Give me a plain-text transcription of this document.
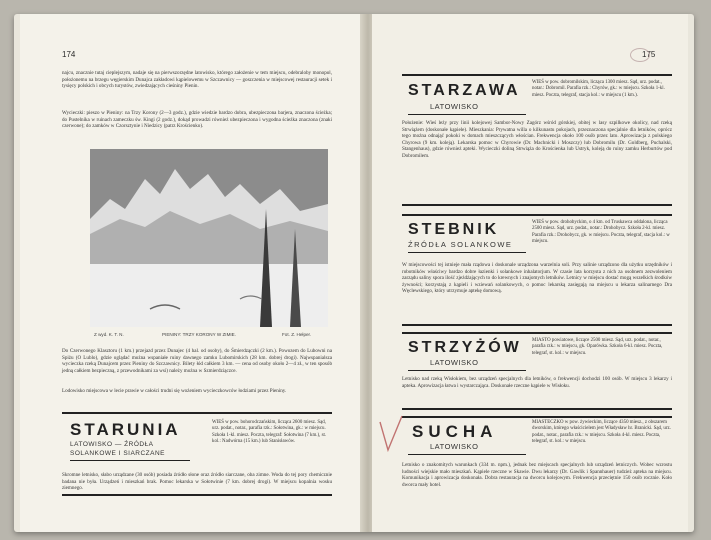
174
najcu, znacznie tutaj cieplejszym, nadaje się na pierwszorzędne latowisko, którego założenie w tem miejscu, odebraloby monopol, położonemu na brzegu węgierskim Dunajca zakładowi kąpielowemu w Szczawnicy — goszczenia w miejscowej restauracji setek i tysięcy polskich i obcych turystów, zwiedzających cieśniny Pienin.
Wycieczki: pieszo w Pieniny: na Trzy Korony (2—3 godz.), gdzie wiedzie bardzo dobra, ubezpieczona barjera, znaczona ścieżka; do Pustelnika w ruinach zameczku św. Kingi (2 godz.), dokąd prowadzi również ubezpieczona i wygodna ścieżka znaczona (znaki czerwone); do zamków w Czorsztynie i Niedzicy (patrz Krościenko).
Z wyd. K. T. N.	PIENINY: TRZY KORONY W ZIMIE.	Fot. Z. Hełper.
Do Czerwonego Klasztoru (1 km.) przejazd przez Dunajec (4 hal. od osoby), do Śmierdzączki (2 km.). Powozem do Lubowni na Spiżu (O Lublo), gdzie oglądać można wspaniałe ruiny dawnego zamku Lubomirskich (28 km. dobrej drogi). Najwspanialsza wycieczka rzeką Dunajcem przez Pieniny do Szczawnicy. Bilety łód całkiem 3 km. — cena od osoby około 2—4 zł., w ten sposób jedną całkiem bezpieczną, z przewodnikami za wsi) należy można w Szmierdziączce.
Lodowisko miejscowa w lecie prawie w całości trudni się wożeniem wycieczkowców łodziami przez Pieniny.
STARUNIA
LATOWISKO — ŹRÓDŁA
SOLANKOWE I SIARCZANE
WIEŚ w pow. bohorodczańskim, licząca 2600 miesz. Sąd, urz. podat., notar., parafia rzk.: Sołotwina, gk.: w miejscu. Szkoła 1-kl. miesz. Poczta, telegraf: Sołotwina (7 km.), st. kol.: Nadwórna (15 km.) lub Stanisławów.
Skromne letnisko, słabo urządzane (30 osób) posiada źródło słone oraz źródło siarczane, oba zimne. Woda do tej pory chemicznie badana nie była. Urządzeń i mieszkań brak. Pomoc lekarska w Sołotwinie (7 km. dobrej drogi). W miejscu kopalnia wosku ziemnego.
175
STARZAWA
LATOWISKO
WIEŚ w pow. dobromilskim, licząca 1300 miesz. Sąd, urz. podat., notar.: Dobromil. Parafia rzk.: Chyrów, gk.: w miejscu. Szkoła 1-kl. miesz. Poczta, telegraf, stacja kol.: w miejscu (1 km.).
Położenie: Wieś leży przy linii kolejowej Sambor-Nowy Zagórz wśród górskiej, obitej w lasy szpilkowe okolicy, nad rzeką Strwiążem (doskonałe kąpiele). Mieszkania: Prywatna willa o kilkunastu pokojach, przeznaczona specjalnie dla letników, oprócz tego można odnająć pokoki w domach mieszczących włościan. Frekwencja około 100 osób przez lato. Aprowizacja z polskiego Chyrowa (9 km. koleją). Lekarska pomoc w Chyrowie (Dr. Machnicki i Moszczy) lub Dobromilu (Dr. Goldberg, Puchalski, Stangenhaus), gdzie również apteki. Wycieczki doliną Strwiąża do Krościenka lub Ustryk, koleją do ruiny zamku Herburtów pod Dobromilem.
STEBNIK
ŹRÓDŁA SOLANKOWE
WIEŚ w pow. drohobyckim, o 4 km. od Truskawca oddalona, licząca 2500 miesz. Sąd, urz. podat., notar.: Drohobycz. Szkoła 2-kl. miesz. Parafia rzk.: Drohobycz, gk. w miejscu. Poczta, telegraf, stacja kol.: w miejscu.
W miejscowości tej istnieje mała rządowa i doskonale urządzona warzelnia soli. Przy salinie urządzono dla użytku urzędników i robotników właściwy bardzo dobre łazienki i solankowe inhalatorjum. W czasie lata korzysta z nich za osobnem zezwoleniem zarządu saliny spora ilość zjeżdżających to do krewnych i znajomych letników. Letnicy w miejscu dostać mogą wszelkich środków żywności; korzystają z kąpieli i wziewań solankowych, o pomoc lekarską zasięgają na miejscu u lekarza salinarnego Dra Węclewskiego, który utrzymuje aptekę domową.
STRZYŻÓW
LATOWISKO
MIASTO powiatowe, liczące 2500 miesz. Sąd, urz. podat., notar., parafia rzk.: w miejscu, gk. Oparówka. Szkoła 6-kl. miesz. Poczta, telegraf, st. kol.: w miejscu.
Letnisko nad rzeką Wisłokiem, bez urządzeń specjalnych dla letników, o frekwencji dochodzi 100 osób. W miejscu 3 lekarzy i apteka. Aprowizacja łatwa i wystarczająca. Doskonałe rzeczne kąpiele w Wisłoku.
SUCHA
LATOWISKO
MIASTECZKO w pow. żywieckim, liczące 4350 miesz., z obszarem dworskim, którego właścicielem jest Władysław hr. Branicki. Sąd, urz. podat., notar., parafia rzk.: w miejscu. Szkoła 4-kl. miesz. Poczta, telegraf, st. kol.: w miejscu.
Letnisko o znakomitych warunkach (334 m. npm.), jednak bez miejscach specjalnych lub urządzeń letniczych. Wobec wzrostu ludności wiejskie mało mieszkań. Kąpiele rzeczne w Skawie. Dwu lekarzy (Dr. Gawlik i Spannhauer) tudzież apteka na miejscu. Komunikacja i aprowizacja doskonała. Dobra restauracja na dworcu kolejowym. Frekwencja przeciętnie 150 osób rocznie. Koło dworca mały hotel.
